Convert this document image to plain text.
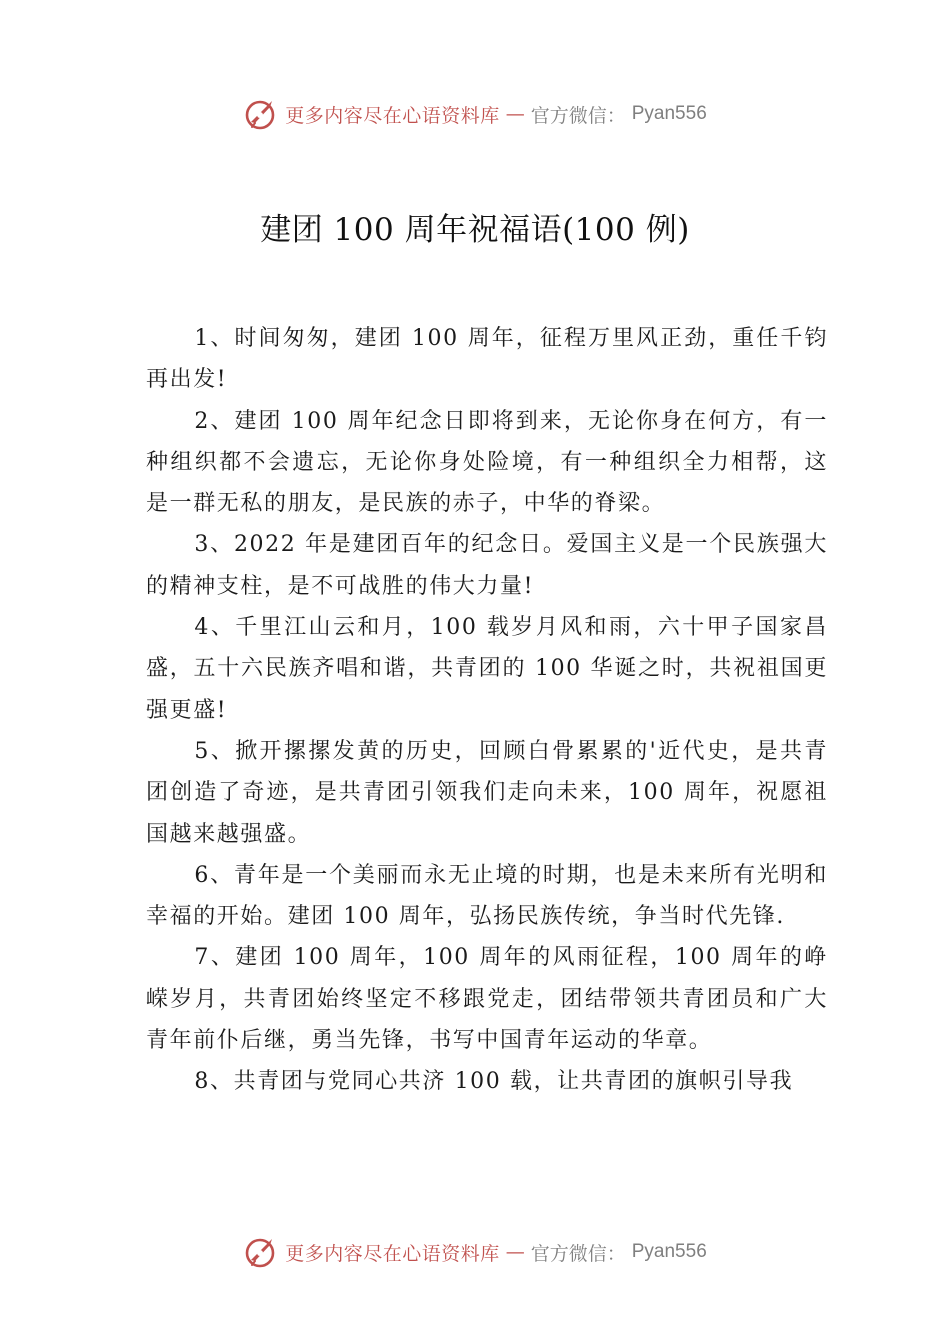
更多内容尽在心语资料库 — 官方微信： Pyan556
建团 100 周年祝福语(100 例)

1、时间匆匆，建团 100 周年，征程万里风正劲，重任千钧再出发!

2、建团 100 周年纪念日即将到来，无论你身在何方，有一种组织都不会遗忘，无论你身处险境，有一种组织全力相帮，这是一群无私的朋友，是民族的赤子，中华的脊梁。

3、2022 年是建团百年的纪念日。爱国主义是一个民族强大的精神支柱，是不可战胜的伟大力量!

4、千里江山云和月，100 载岁月风和雨，六十甲子国家昌盛，五十六民族齐唱和谐，共青团的 100 华诞之时，共祝祖国更强更盛!

5、掀开摞摞发黄的历史，回顾白骨累累的'近代史，是共青团创造了奇迹，是共青团引领我们走向未来，100 周年，祝愿祖国越来越强盛。

6、青年是一个美丽而永无止境的时期，也是未来所有光明和幸福的开始。建团 100 周年，弘扬民族传统，争当时代先锋.

7、建团 100 周年，100 周年的风雨征程，100 周年的峥嵘岁月，共青团始终坚定不移跟党走，团结带领共青团员和广大青年前仆后继，勇当先锋，书写中国青年运动的华章。

8、共青团与党同心共济 100 载，让共青团的旗帜引导我

更多内容尽在心语资料库 — 官方微信： Pyan556
